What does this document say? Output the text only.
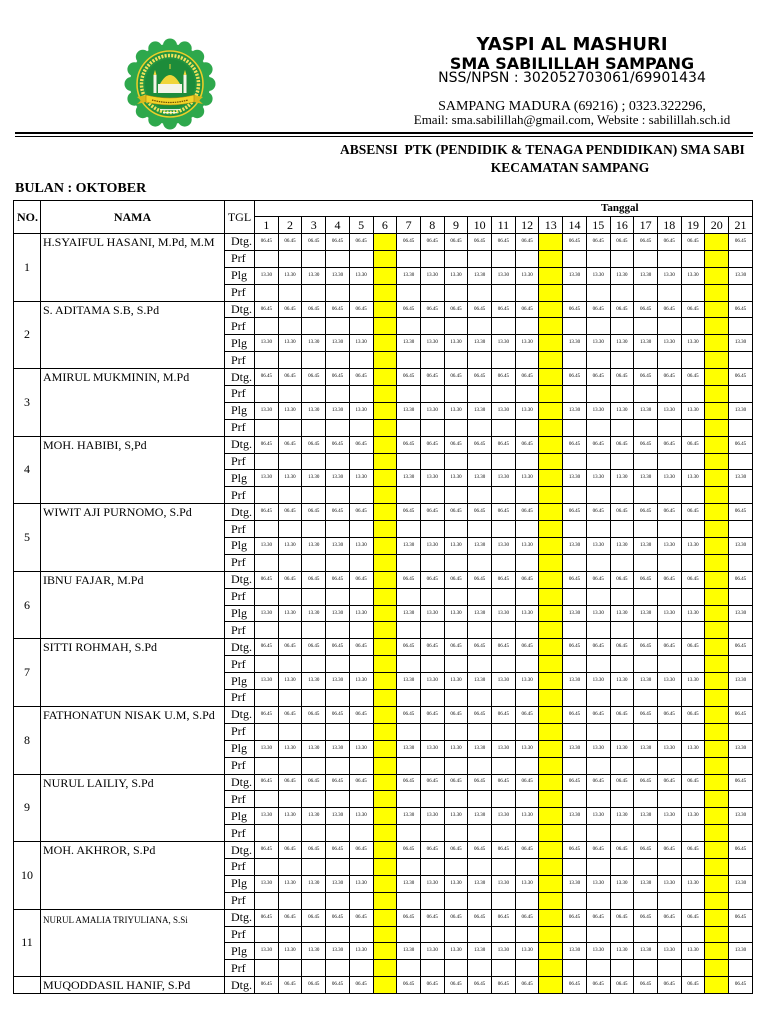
YASPI AL MASHURI
SMA SABILILLAH SAMPANG
NSS/NPSN : 302052703061/69901434
SAMPANG MADURA (69216) ; 0323.322296,
Email: sma.sabilillah@gmail.com, Website : sabilillah.sch.id
ABSENSI  PTK (PENDIDIK & TENAGA PENDIDIKAN) SMA SABI
KECAMATAN SAMPANG
BULAN : OKTOBER
NO.	NAMA	TGL	Tanggal																				
			1	2	3	4	5	6	7	8	9	10	11	12	13	14	15	16	17	18	19	20	21
1	H.SYAIFUL HASANI, M.Pd, M.M	Dtg.	06.45	06.45	06.45	06.45	06.45		06.45	06.45	06.45	06.45	06.45	06.45		06.45	06.45	06.45	06.45	06.45	06.45		06.45
		Prf																					
		Plg	13.30	13.30	13.30	13.30	13.30		13.30	13.30	13.30	13.30	13.30	13.30		13.30	13.30	13.30	13.30	13.30	13.30		13.30
		Prf																					
2	S. ADITAMA S.B, S.Pd	Dtg.	06.45	06.45	06.45	06.45	06.45		06.45	06.45	06.45	06.45	06.45	06.45		06.45	06.45	06.45	06.45	06.45	06.45		06.45
		Prf																					
		Plg	13.30	13.30	13.30	13.30	13.30		13.30	13.30	13.30	13.30	13.30	13.30		13.30	13.30	13.30	13.30	13.30	13.30		13.30
		Prf																					
3	AMIRUL MUKMININ, M.Pd	Dtg.	06.45	06.45	06.45	06.45	06.45		06.45	06.45	06.45	06.45	06.45	06.45		06.45	06.45	06.45	06.45	06.45	06.45		06.45
		Prf																					
		Plg	13.30	13.30	13.30	13.30	13.30		13.30	13.30	13.30	13.30	13.30	13.30		13.30	13.30	13.30	13.30	13.30	13.30		13.30
		Prf																					
4	MOH. HABIBI, S,Pd	Dtg.	06.45	06.45	06.45	06.45	06.45		06.45	06.45	06.45	06.45	06.45	06.45		06.45	06.45	06.45	06.45	06.45	06.45		06.45
		Prf																					
		Plg	13.30	13.30	13.30	13.30	13.30		13.30	13.30	13.30	13.30	13.30	13.30		13.30	13.30	13.30	13.30	13.30	13.30		13.30
		Prf																					
5	WIWIT AJI PURNOMO, S.Pd	Dtg.	06.45	06.45	06.45	06.45	06.45		06.45	06.45	06.45	06.45	06.45	06.45		06.45	06.45	06.45	06.45	06.45	06.45		06.45
		Prf																					
		Plg	13.30	13.30	13.30	13.30	13.30		13.30	13.30	13.30	13.30	13.30	13.30		13.30	13.30	13.30	13.30	13.30	13.30		13.30
		Prf																					
6	IBNU FAJAR, M.Pd	Dtg.	06.45	06.45	06.45	06.45	06.45		06.45	06.45	06.45	06.45	06.45	06.45		06.45	06.45	06.45	06.45	06.45	06.45		06.45
		Prf																					
		Plg	13.30	13.30	13.30	13.30	13.30		13.30	13.30	13.30	13.30	13.30	13.30		13.30	13.30	13.30	13.30	13.30	13.30		13.30
		Prf																					
7	SITTI ROHMAH, S.Pd	Dtg.	06.45	06.45	06.45	06.45	06.45		06.45	06.45	06.45	06.45	06.45	06.45		06.45	06.45	06.45	06.45	06.45	06.45		06.45
		Prf																					
		Plg	13.30	13.30	13.30	13.30	13.30		13.30	13.30	13.30	13.30	13.30	13.30		13.30	13.30	13.30	13.30	13.30	13.30		13.30
		Prf																					
8	FATHONATUN NISAK U.M, S.Pd	Dtg.	06.45	06.45	06.45	06.45	06.45		06.45	06.45	06.45	06.45	06.45	06.45		06.45	06.45	06.45	06.45	06.45	06.45		06.45
		Prf																					
		Plg	13.30	13.30	13.30	13.30	13.30		13.30	13.30	13.30	13.30	13.30	13.30		13.30	13.30	13.30	13.30	13.30	13.30		13.30
		Prf																					
9	NURUL LAILIY, S.Pd	Dtg.	06.45	06.45	06.45	06.45	06.45		06.45	06.45	06.45	06.45	06.45	06.45		06.45	06.45	06.45	06.45	06.45	06.45		06.45
		Prf																					
		Plg	13.30	13.30	13.30	13.30	13.30		13.30	13.30	13.30	13.30	13.30	13.30		13.30	13.30	13.30	13.30	13.30	13.30		13.30
		Prf																					
10	MOH. AKHROR, S.Pd	Dtg.	06.45	06.45	06.45	06.45	06.45		06.45	06.45	06.45	06.45	06.45	06.45		06.45	06.45	06.45	06.45	06.45	06.45		06.45
		Prf																					
		Plg	13.30	13.30	13.30	13.30	13.30		13.30	13.30	13.30	13.30	13.30	13.30		13.30	13.30	13.30	13.30	13.30	13.30		13.30
		Prf																					
11	NURUL AMALIA TRIYULIANA, S.Si	Dtg.	06.45	06.45	06.45	06.45	06.45		06.45	06.45	06.45	06.45	06.45	06.45		06.45	06.45	06.45	06.45	06.45	06.45		06.45
		Prf																					
		Plg	13.30	13.30	13.30	13.30	13.30		13.30	13.30	13.30	13.30	13.30	13.30		13.30	13.30	13.30	13.30	13.30	13.30		13.30
		Prf																					
	MUQODDASIL HANIF, S.Pd	Dtg.	06.45	06.45	06.45	06.45	06.45		06.45	06.45	06.45	06.45	06.45	06.45		06.45	06.45	06.45	06.45	06.45	06.45		06.45
